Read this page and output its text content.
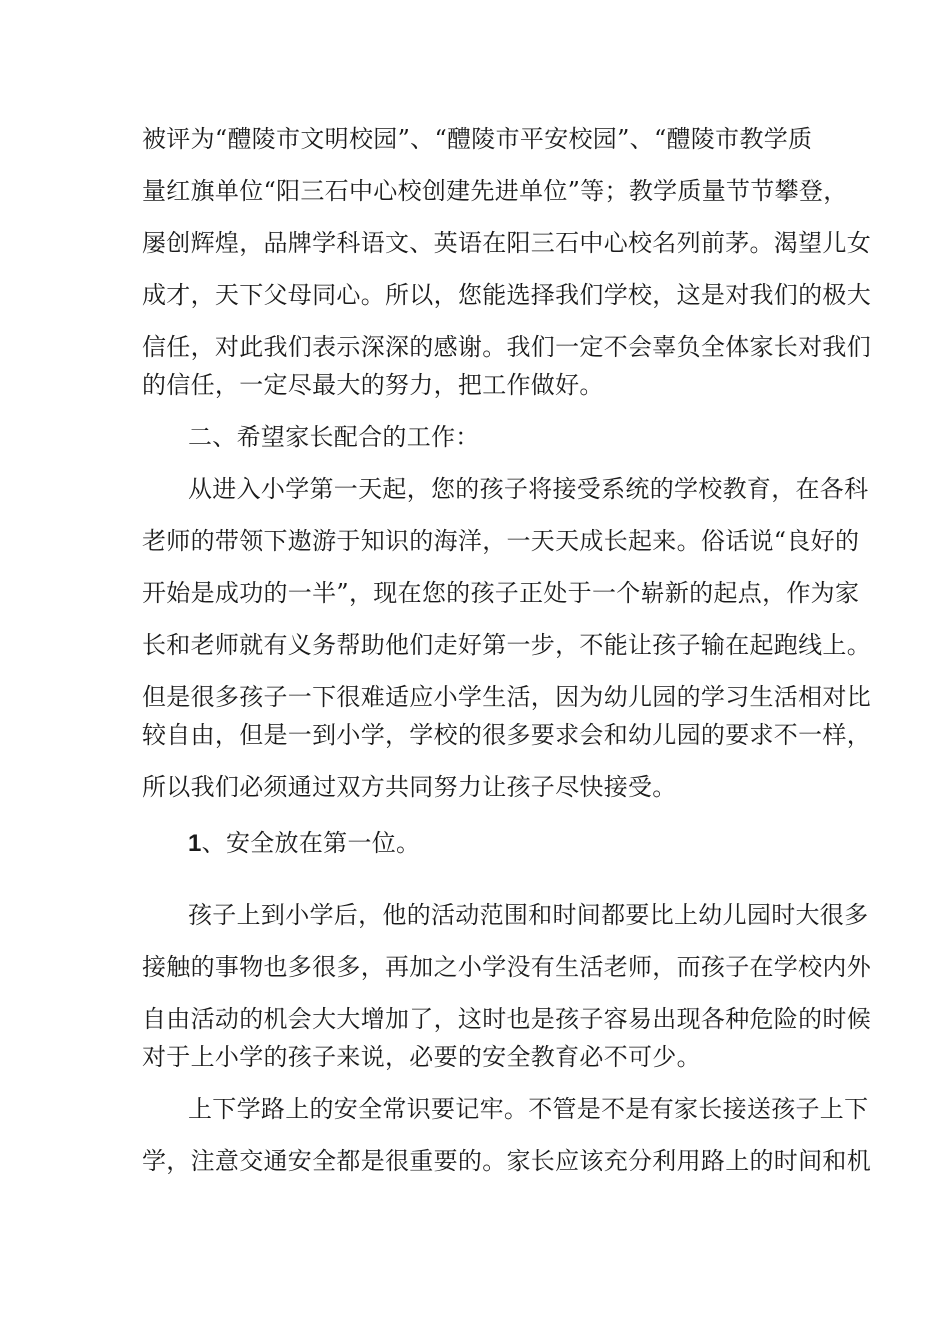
被评为“醴陵市文明校园”、“醴陵市平安校园”、“醴陵市教学质
量红旗单位“阳三石中心校创建先进单位”等；教学质量节节攀登，
屡创辉煌，品牌学科语文、英语在阳三石中心校名列前茅。渴望儿女
成才，天下父母同心。所以，您能选择我们学校，这是对我们的极大
信任，对此我们表示深深的感谢。我们一定不会辜负全体家长对我们
的信任，一定尽最大的努力，把工作做好。
二、希望家长配合的工作：
从进入小学第一天起，您的孩子将接受系统的学校教育，在各科
老师的带领下遨游于知识的海洋，一天天成长起来。俗话说“良好的
开始是成功的一半”，现在您的孩子正处于一个崭新的起点，作为家
长和老师就有义务帮助他们走好第一步，不能让孩子输在起跑线上。
但是很多孩子一下很难适应小学生活，因为幼儿园的学习生活相对比
较自由，但是一到小学，学校的很多要求会和幼儿园的要求不一样，
所以我们必须通过双方共同努力让孩子尽快接受。
1、安全放在第一位。
孩子上到小学后，他的活动范围和时间都要比上幼儿园时大很多
接触的事物也多很多，再加之小学没有生活老师，而孩子在学校内外
自由活动的机会大大增加了，这时也是孩子容易出现各种危险的时候
对于上小学的孩子来说，必要的安全教育必不可少。
上下学路上的安全常识要记牢。不管是不是有家长接送孩子上下
学，注意交通安全都是很重要的。家长应该充分利用路上的时间和机
